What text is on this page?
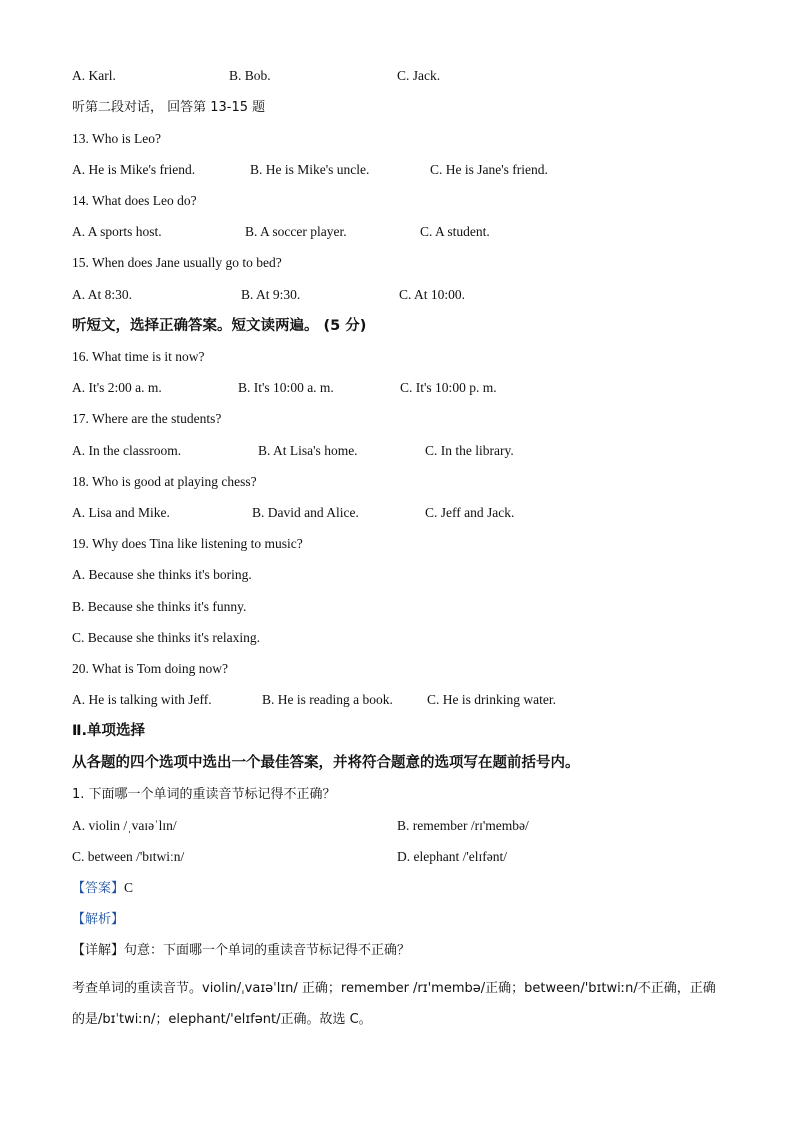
A. Karl.	B. Bob.	C. Jack.
听第二段对话， 回答第 13-15 题
13. Who is Leo?
A. He is Mike's friend.	B. He is Mike's uncle.	C. He is Jane's friend.
14. What does Leo do?
A. A sports host.	B. A soccer player.	C. A student.
15. When does Jane usually go to bed?
A. At 8:30.	B. At 9:30.	C. At 10:00.
听短文，选择正确答案。短文读两遍。 (5 分)
16. What time is it now?
A. It's 2:00 a. m.	B. It's 10:00 a. m.	C. It's 10:00 p. m.
17. Where are the students?
A. In the classroom.	B. At Lisa's home.	C. In the library.
18. Who is good at playing chess?
A. Lisa and Mike.	B. David and Alice.	C. Jeff and Jack.
19. Why does Tina like listening to music?
A. Because she thinks it's boring.
B. Because she thinks it's funny.
C. Because she thinks it's relaxing.
20. What is Tom doing now?
A. He is talking with Jeff.	B. He is reading a book.	C. He is drinking water.
Ⅱ.单项选择
从各题的四个选项中选出一个最佳答案，并将符合题意的选项写在题前括号内。
1. 下面哪一个单词的重读音节标记得不正确？
A. violin /ˌvaɪəˈlɪn/	B. remember /rɪ'membə/
C. between /'bɪtwiːn/	D. elephant /'elɪfənt/
【答案】C
【解析】
【详解】句意：下面哪一个单词的重读音节标记得不正确？
考查单词的重读音节。violin/ˌvaɪəˈlɪn/ 正确；remember /rɪ'membə/正确；between/'bɪtwiːn/不正确，正确的是/bɪˈtwiːn/；elephant/'elɪfənt/正确。故选 C。
